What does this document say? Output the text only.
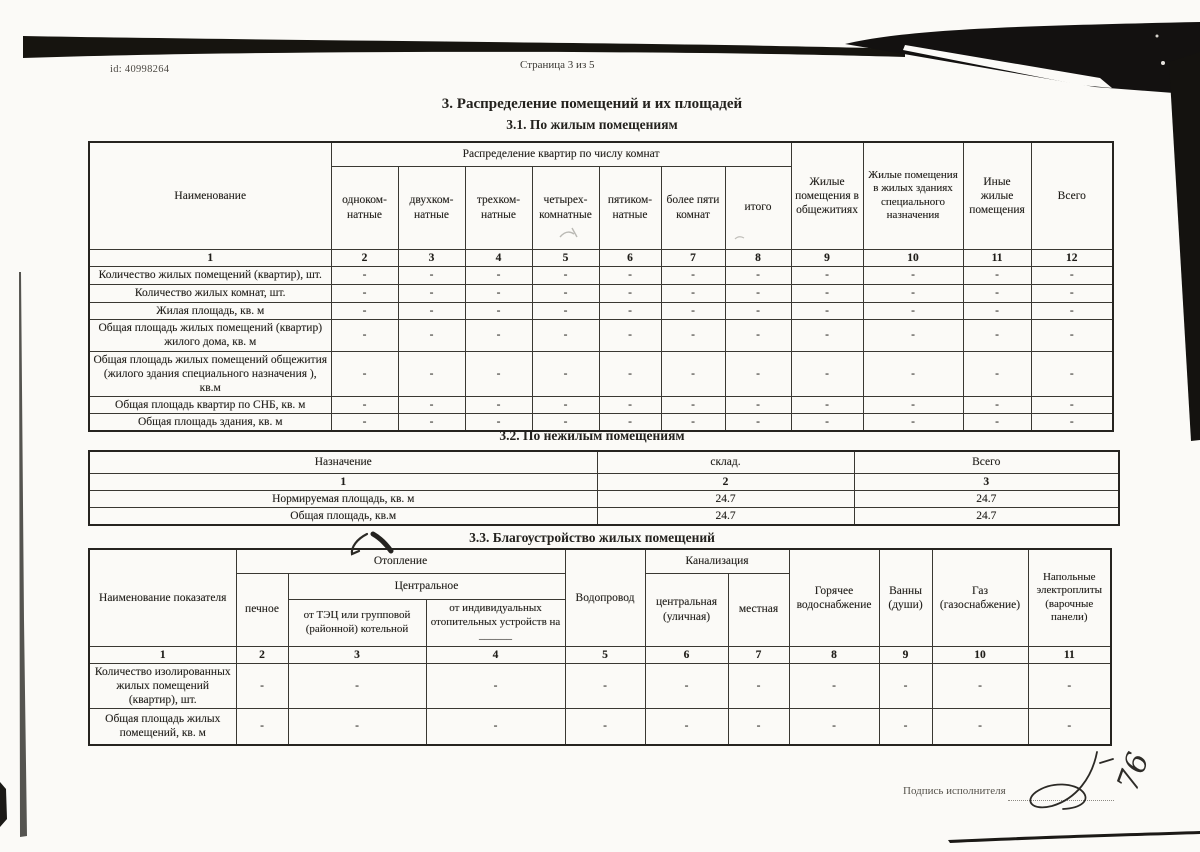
id: 40998264	Страница 3 из 5
3. Распределение помещений и их площадей
3.1. По жилым помещениям
Наименование	Распределение квартир по числу комнат							Жилые помещения в общежитиях	Жилые помещения в жилых зданиях специального назначения	Иные жилые помещения	Всего
	одноком-натные	двухком-натные	трехком-натные	четырех-комнатные	пятиком-натные	более пяти комнат	итого				
1	2	3	4	5	6	7	8	9	10	11	12
Количество жилых помещений (квартир), шт.	-	-	-	-	-	-	-	-	-	-	-
Количество жилых комнат, шт.	-	-	-	-	-	-	-	-	-	-	-
Жилая площадь, кв. м	-	-	-	-	-	-	-	-	-	-	-
Общая площадь жилых помещений (квартир) жилого дома, кв. м	-	-	-	-	-	-	-	-	-	-	-
Общая площадь жилых помещений общежития (жилого здания специального назначения ), кв.м	-	-	-	-	-	-	-	-	-	-	-
Общая площадь квартир по СНБ, кв. м	-	-	-	-	-	-	-	-	-	-	-
Общая площадь здания, кв. м	-	-	-	-	-	-	-	-	-	-	-
3.2. По нежилым помещениям
Назначение	склад.	Всего
1	2	3
Нормируемая площадь, кв. м	24.7	24.7
Общая площадь, кв.м	24.7	24.7
3.3. Благоустройство жилых помещений
Наименование показателя	Отопление			Водопровод	Канализация		Горячее водоснабжение	Ванны (души)	Газ (газоснабжение)	Напольные электроплиты (варочные панели)
	печное	Центральное			центральная (уличная)	местная				
		от ТЭЦ или групповой (районной) котельной	от индивидуальных отопительных устройств на ______							
1	2	3	4	5	6	7	8	9	10	11
Количество изолированных жилых помещений (квартир), шт.	-	-	-	-	-	-	-	-	-	-
Общая площадь жилых помещений, кв. м	-	-	-	-	-	-	-	-	-	-
Подпись исполнителя	76
